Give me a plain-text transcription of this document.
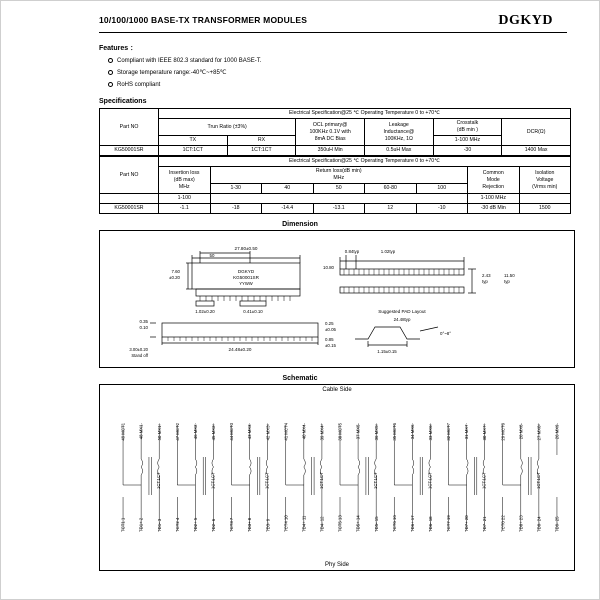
10/100/1000 BASE-TX TRANSFORMER MODULES	DGKYD
Features ：
Compliant with IEEE 802.3 standard for 1000 BASE-T.
Storage temperature range:-40℃~+85℃
RoHS compliant
Specifications
Part NO	Electrical Specification@25 ℃ Operating Temperature 0 to +70℃					
	Trun Ratio (±3%)		OCL primary@
100KHz 0.1V with
8mA DC Bias	Leakage
Inductance@
100KHz, 1Ω	Crosstalk
(dB min )	DCR(Ω)
	TX	RX			1-100 MHz	
KG50001SR	1CT:1CT	1CT:1CT	350uH Min	0.5uH Max	-30	1400 Max
Part NO	Electrical Specification@25 ℃ Operating Temperature 0 to +70℃							
	Insertion loss
(dB max)
MHz	Return loss(dB min)
MHz					Common
Mode
Rejection	Isolation
Voltage
(Vrms min)
		1-30	40	50	60-80	100		
	1-100						1-100 MHz	
KG50001SR	-1.1	-18	-14.4	-13.1	12	-10	-30 dB Min	1500
Dimension
27.80±0.50
50
7.60
±0.20
DGKYD
KG50001SR
YYWW
1.02±0.20	0.41±0.10
0.84typ	1.02typ
10.80
2.43
typ
11.50
typ
Suggested PAD Layout
0.35
0.10
0.25
±0.05
0.85
±0.15
24.48±0.20
3.00±0.20
Stand off
1.15±0.15
0°~8°
24.48typ
Schematic
Cable Side
Phy Side
49 MCT1
TCT1 1
48 MX1-
TD1+ 2
50 MX1+
TD1- 3
47 MCT2
TCT2 4
46 MX2-
TD2+ 5
45 MX2+
TD2- 6
44 MCT3
TCT3 7
43 MX3-
TD3+ 8
42 MX3+
TD3- 9
41 MCT4
TCT4 10
40 MX4-
TD4+ 11
39 MX4+
TD4- 12
38 MCT5
TCT5 13
37 MX5-
TD5+ 14
36 MX5+
TD5- 15
35 MCT6
TCT6 16
34 MX6-
TD6+ 17
33 MX6+
TD6- 18
32 MCT7
TCT7 19
31 MX7-
TD7+ 20
30 MX7+
TD7- 21
29 MCT8
TCT8 22
28 MX8-
TD8+ 23
27 MX8+
TD8- 24
26 MX9-
TD9- 25
1CT:1CT	1CT:1CT	1CT:1CT	1CT:1CT	1CT:1CT	1CT:1CT	1CT:1CT	1CT:1CT
